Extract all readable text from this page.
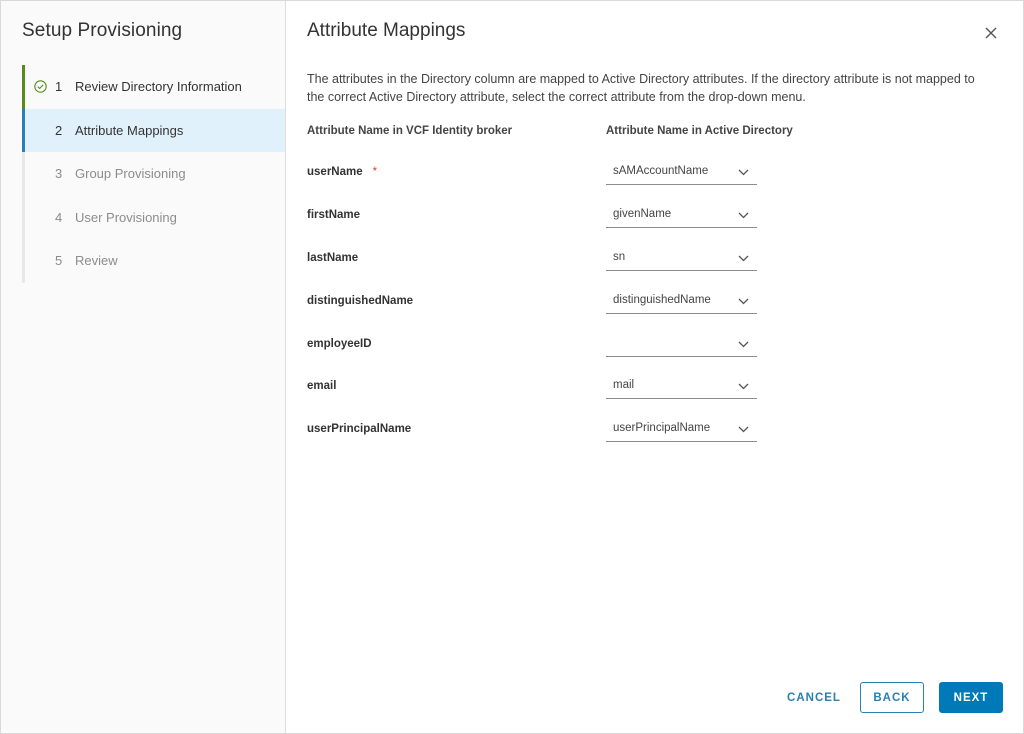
Setup Provisioning
1 Review Directory Information
2 Attribute Mappings
3 Group Provisioning
4 User Provisioning
5 Review
Attribute Mappings
The attributes in the Directory column are mapped to Active Directory attributes. If the directory attribute is not mapped to the correct Active Directory attribute, select the correct attribute from the drop-down menu.
Attribute Name in VCF Identity broker	Attribute Name in Active Directory
userName *	sAMAccountName
firstName	givenName
lastName	sn
distinguishedName	distinguishedName
employeeID
email	mail
userPrincipalName	userPrincipalName
CANCEL	BACK	NEXT
